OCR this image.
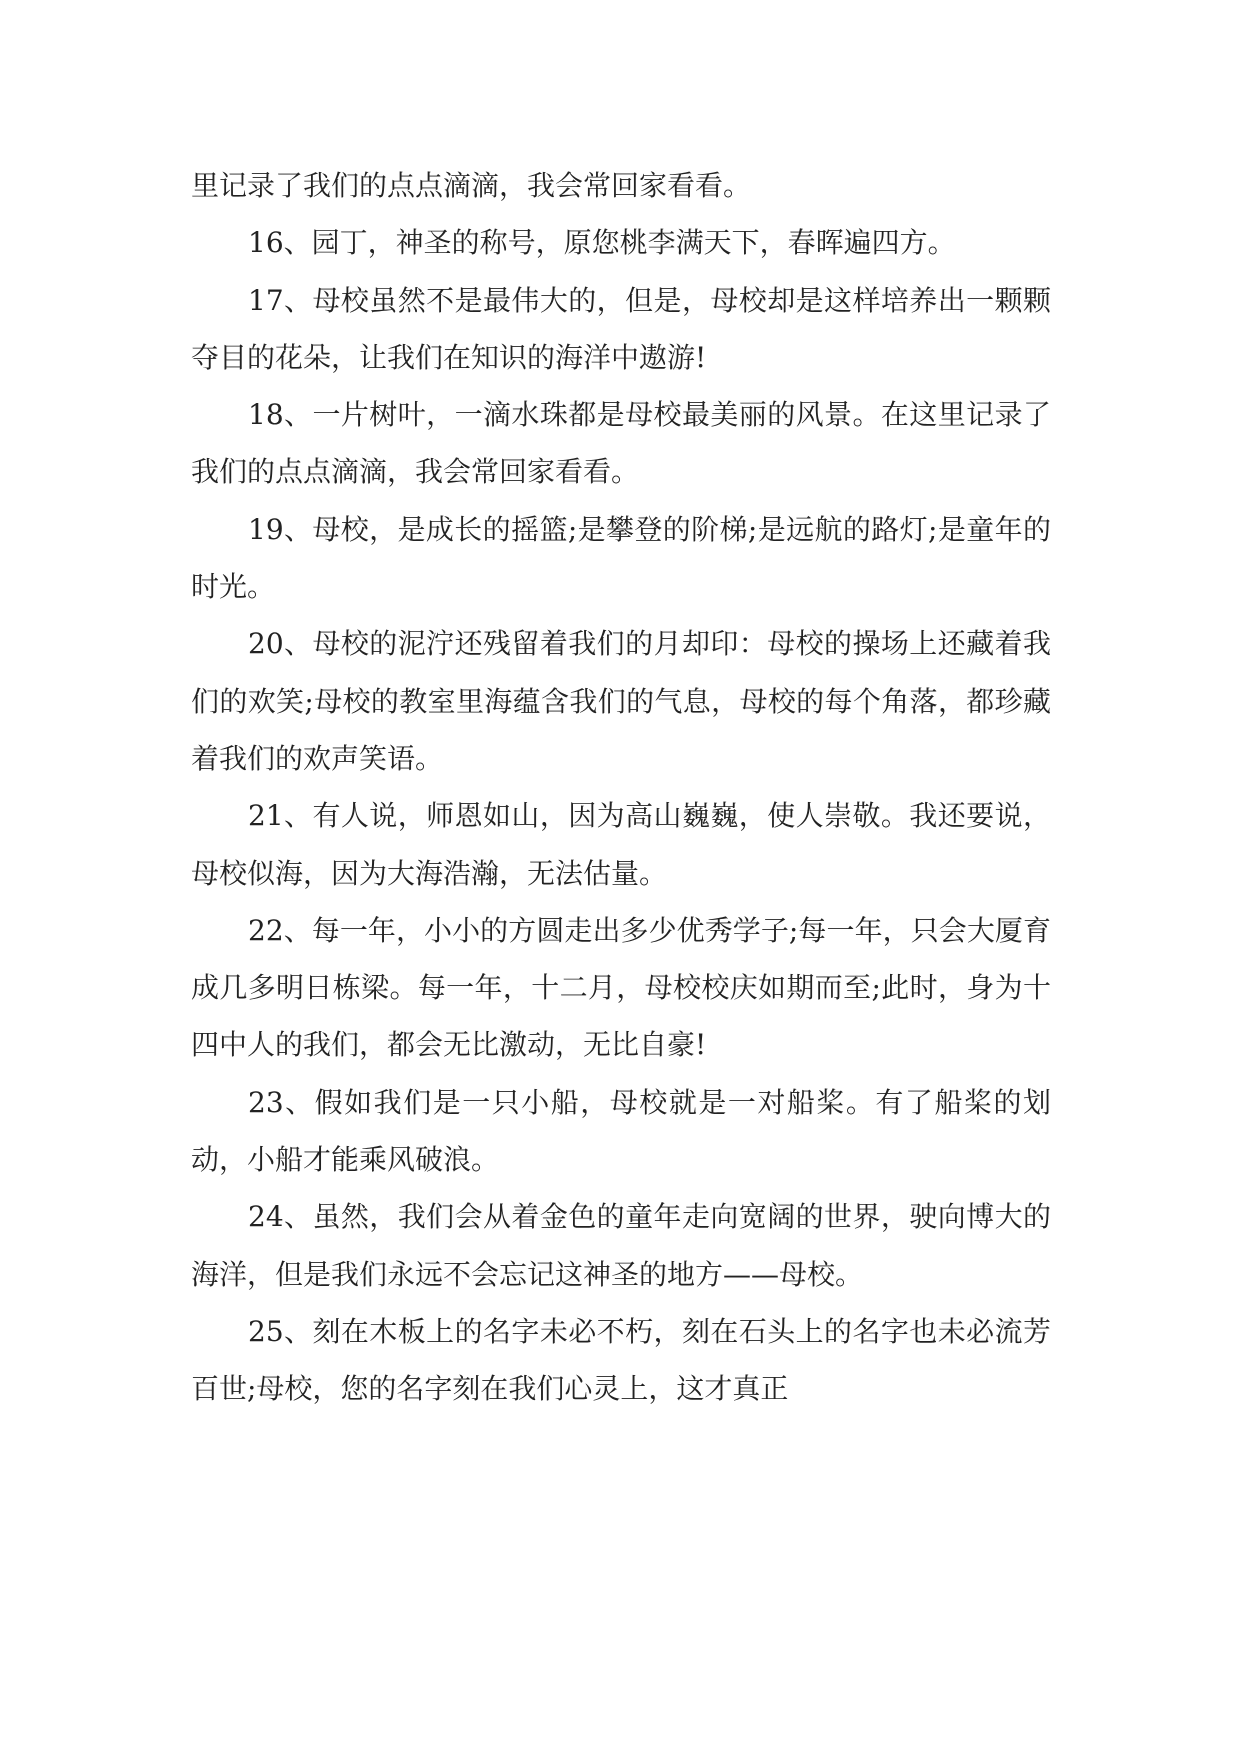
里记录了我们的点点滴滴，我会常回家看看。

16、园丁，神圣的称号，原您桃李满天下，春晖遍四方。

17、母校虽然不是最伟大的，但是，母校却是这样培养出一颗颗夺目的花朵，让我们在知识的海洋中遨游!

18、一片树叶，一滴水珠都是母校最美丽的风景。在这里记录了我们的点点滴滴，我会常回家看看。

19、母校，是成长的摇篮;是攀登的阶梯;是远航的路灯;是童年的时光。

20、母校的泥泞还残留着我们的月却印：母校的操场上还藏着我们的欢笑;母校的教室里海蕴含我们的气息，母校的每个角落，都珍藏着我们的欢声笑语。

21、有人说，师恩如山，因为高山巍巍，使人崇敬。我还要说，母校似海，因为大海浩瀚，无法估量。

22、每一年，小小的方圆走出多少优秀学子;每一年，只会大厦育成几多明日栋梁。每一年，十二月，母校校庆如期而至;此时，身为十四中人的我们，都会无比激动，无比自豪!

23、假如我们是一只小船，母校就是一对船桨。有了船桨的划动，小船才能乘风破浪。

24、虽然，我们会从着金色的童年走向宽阔的世界，驶向博大的海洋，但是我们永远不会忘记这神圣的地方——母校。

25、刻在木板上的名字未必不朽，刻在石头上的名字也未必流芳百世;母校，您的名字刻在我们心灵上，这才真正
